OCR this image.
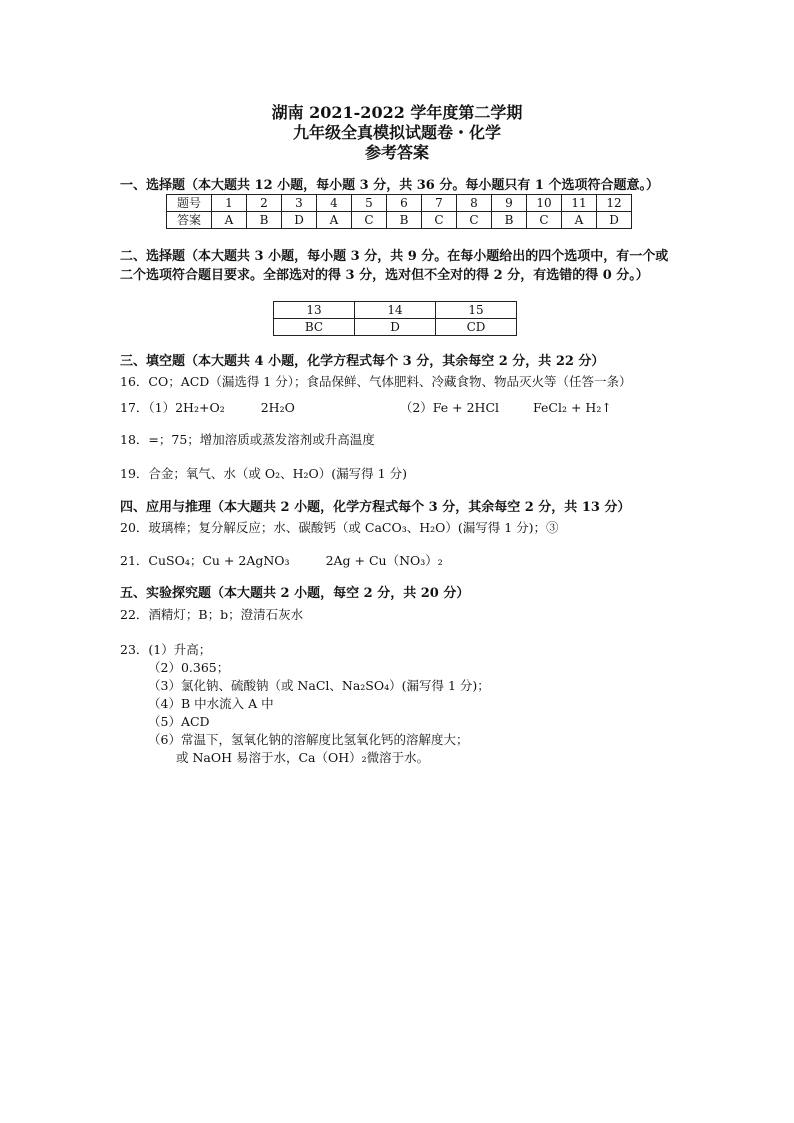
湖南 2021-2022 学年度第二学期
九年级全真模拟试题卷・化学
参考答案
一、选择题（本大题共 12 小题，每小题 3 分，共 36 分。每小题只有 1 个选项符合题意。）
题号	1	2	3	4	5	6	7	8	9	10	11	12
答案	A	B	D	A	C	B	C	C	B	C	A	D
二、选择题（本大题共 3 小题，每小题 3 分，共 9 分。在每小题给出的四个选项中，有一个或二个选项符合题目要求。全部选对的得 3 分，选对但不全对的得 2 分，有选错的得 0 分。）
13	14	15
BC	D	CD
三、填空题（本大题共 4 小题，化学方程式每个 3 分，其余每空 2 分，共 22 分）
16．CO；ACD（漏选得 1 分）；食品保鲜、气体肥料、冷藏食物、物品灭火等（任答一条）
17．（1）2H₂+O₂	2H₂O	（2）Fe + 2HCl	FeCl₂ + H₂↑
18．=；75；增加溶质或蒸发溶剂或升高温度
19．合金；氧气、水（或 O₂、H₂O）(漏写得 1 分)
四、应用与推理（本大题共 2 小题，化学方程式每个 3 分，其余每空 2 分，共 13 分）
20．玻璃棒；复分解反应；水、碳酸钙（或 CaCO₃、H₂O）(漏写得 1 分)；③
21．CuSO₄；Cu + 2AgNO₃	2Ag + Cu（NO₃）₂
五、实验探究题（本大题共 2 小题，每空 2 分，共 20 分）
22．酒精灯；B；b；澄清石灰水
23．(1）升高；
（2）0.365；
（3）氯化钠、硫酸钠（或 NaCl、Na₂SO₄）(漏写得 1 分)；
（4）B 中水流入 A 中
（5）ACD
（6）常温下，氢氧化钠的溶解度比氢氧化钙的溶解度大；
或 NaOH 易溶于水，Ca（OH）₂微溶于水。
